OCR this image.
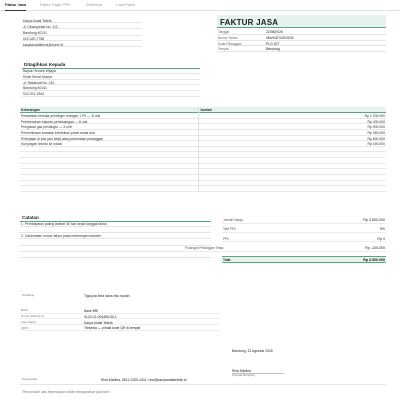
Faktur Jasa	Faktur Pajak PPN	Referensi	Cara Pakai
Karya Andal Teknik
Jl. Cihampelas No. 112
Bandung 40131
022-420-7788
karyaandalteknik@surel.id
FAKTUR JASA
Tanggal	22/08/2026
Nomor Faktur	084/KAT/VIII/2026
Kode Pelanggan	PLG-027
Tempat	Bandung
Ditagihkan Kepada
Bapak Hendra Wijaya
Klinik Sehat Utama
Jl. Setiabudi No. 210
Bandung 40141
022-201-3344
Keterangan	Jumlah
Perawatan berkala pendingin ruangan 1 PK — 8 unit	Rp 1.200.000
Pembersihan saluran pembuangan — 8 unit	Rp 400.000
Pengisian gas pendingin — 3 unit	Rp 900.000
Pemeriksaan instalasi kelistrikan panel lantai dua	Rp 350.000
Pekerjaan di luar jam kerja atas permintaan pelanggan	Rp 600.000
Kunjungan teknisi ke lokasi	Rp 150.000
Catatan
1. Pembayaran paling lambat 30 hari sejak tanggal faktur.
2. Cantumkan nomor faktur pada keterangan transfer.
Jumlah Harga	Rp 3.600.000
Tarif PPh	0%
PPh	Rp 0
Potongan Pelanggan Tetap	Rp -100.000
Total	Rp 3.500.000
Terbilang	Tiga juta lima ratus ribu rupiah
Bank	Bank BRI
Nomor Rekening	0123-01-004455-50-1
Atas Nama	Karya Andal Teknik
QRIS	Tersedia — pindai kode QR di tempat
Bandung, 22 Agustus 2026
Rina Marlina
(Kepala Bengkel)
Pertanyaan	Rina Marlina, 0812-2200-4411, rina@karyaandalteknik.id
Terima kasih atas kepercayaan Anda menggunakan jasa kami.
